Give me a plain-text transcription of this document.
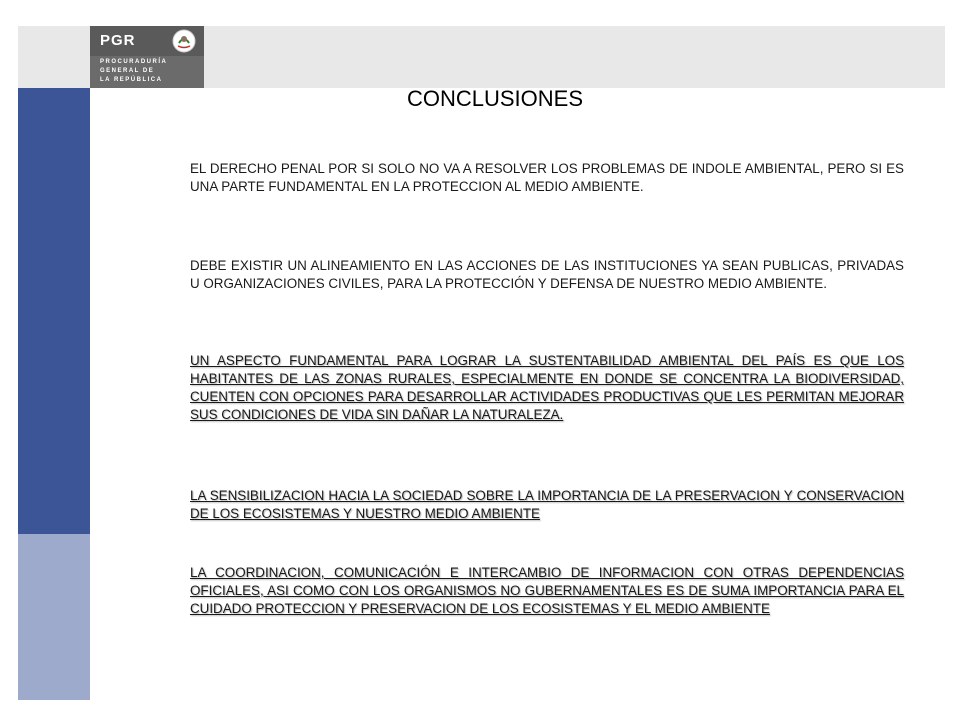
PGR
PROCURADURÍA
GENERAL DE
LA REPÚBLICA
CONCLUSIONES

EL DERECHO PENAL POR SI SOLO NO VA A RESOLVER LOS PROBLEMAS DE INDOLE AMBIENTAL, PERO SI ES UNA PARTE FUNDAMENTAL EN LA PROTECCION AL MEDIO AMBIENTE.

DEBE EXISTIR UN ALINEAMIENTO EN LAS ACCIONES DE LAS INSTITUCIONES YA SEAN PUBLICAS, PRIVADAS U ORGANIZACIONES CIVILES, PARA LA PROTECCIÓN Y DEFENSA DE NUESTRO MEDIO AMBIENTE.

UN ASPECTO FUNDAMENTAL PARA LOGRAR LA SUSTENTABILIDAD AMBIENTAL DEL PAÍS ES QUE LOS HABITANTES DE LAS ZONAS RURALES, ESPECIALMENTE EN DONDE SE CONCENTRA LA BIODIVERSIDAD, CUENTEN CON OPCIONES PARA DESARROLLAR ACTIVIDADES PRODUCTIVAS QUE LES PERMITAN MEJORAR SUS CONDICIONES DE VIDA SIN DAÑAR LA NATURALEZA.

LA SENSIBILIZACION HACIA LA SOCIEDAD SOBRE LA IMPORTANCIA DE LA PRESERVACION Y CONSERVACION DE LOS ECOSISTEMAS Y NUESTRO MEDIO AMBIENTE

LA COORDINACION, COMUNICACIÓN E INTERCAMBIO DE INFORMACION CON OTRAS DEPENDENCIAS OFICIALES, ASI COMO CON LOS ORGANISMOS NO GUBERNAMENTALES ES DE SUMA IMPORTANCIA PARA EL CUIDADO PROTECCION Y PRESERVACION DE LOS ECOSISTEMAS Y EL MEDIO AMBIENTE
